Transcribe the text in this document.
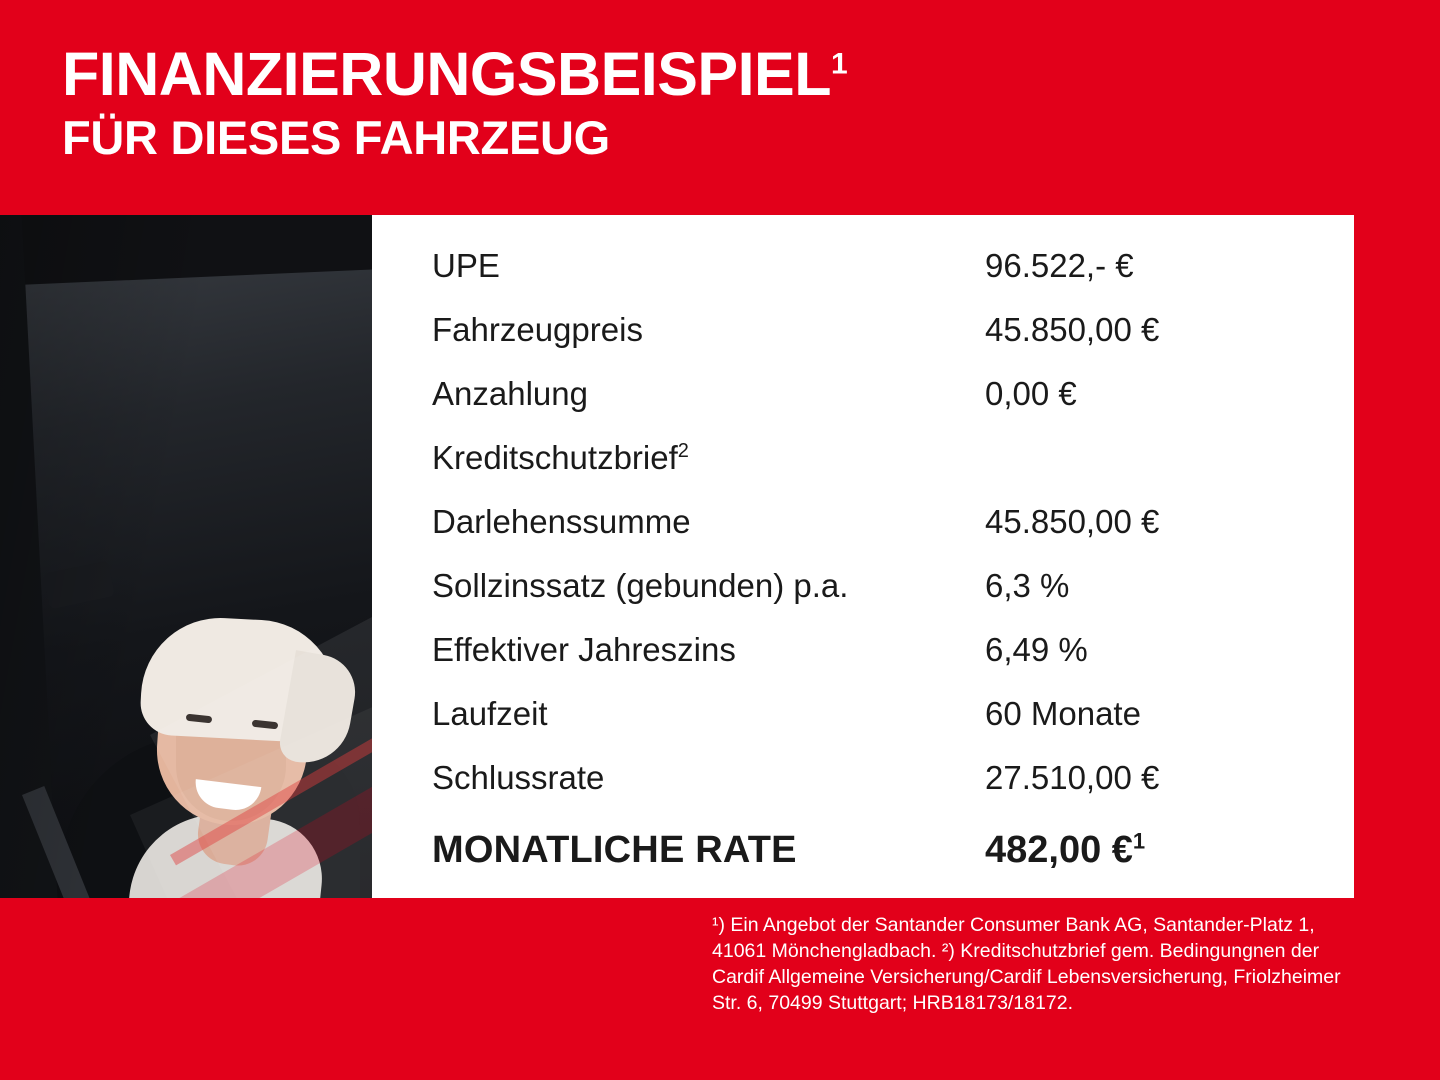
FINANZIERUNGSBEISPIEL$^1$
FÜR DIESES FAHRZEUG
UPE	96.522,- €
Fahrzeugpreis	45.850,00 €
Anzahlung	0,00 €
Kreditschutzbrief$^2$
Darlehenssumme	45.850,00 €
Sollzinssatz (gebunden) p.a.	6,3 %
Effektiver Jahreszins	6,49 %
Laufzeit	60 Monate
Schlussrate	27.510,00 €
MONATLICHE RATE	482,00 €$^1$

¹) Ein Angebot der Santander Consumer Bank AG, Santander-Platz 1, 41061 Mönchengladbach. ²) Kreditschutzbrief gem. Bedingungnen der Cardif Allgemeine Versicherung/Cardif Lebensversicherung, Friolzheimer Str. 6, 70499 Stuttgart; HRB18173/18172.
